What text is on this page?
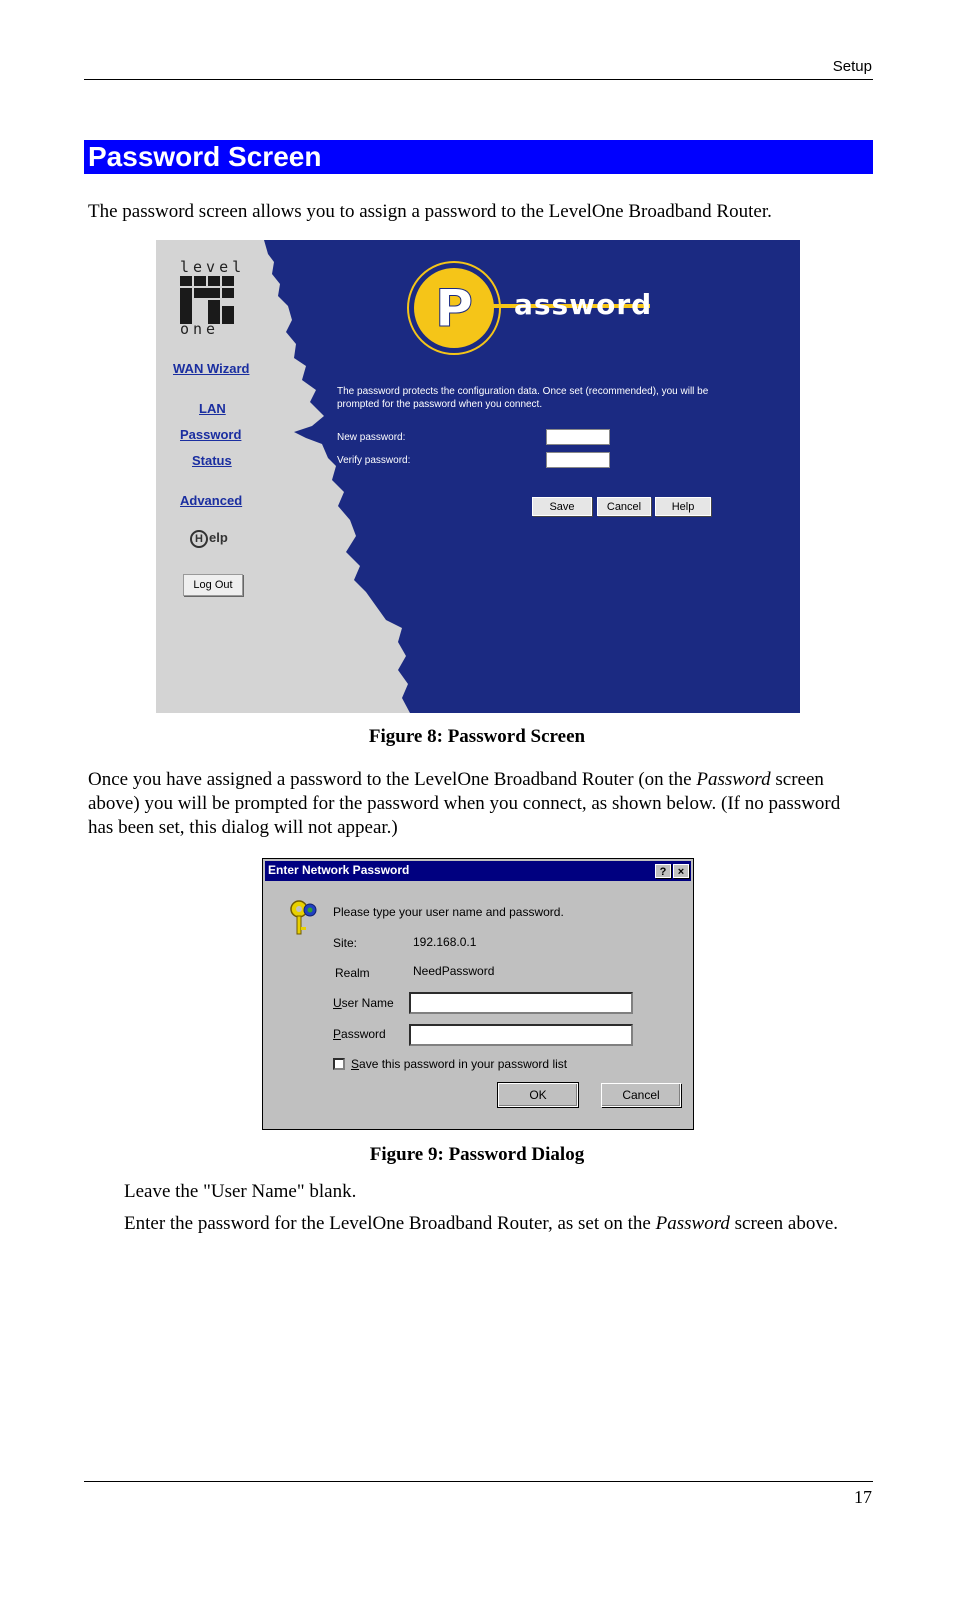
Setup
Password Screen
The password screen allows you to assign a password to the LevelOne Broadband Router.
level
one
WAN Wizard
LAN
Password
Status
Advanced
H elp
Log Out
P assword
The password protects the configuration data. Once set (recommended), you will be prompted for the password when you connect.
New password:
Verify password:
Save	Cancel	Help
Figure 8: Password Screen
Once you have assigned a password to the LevelOne Broadband Router (on the Password screen above) you will be prompted for the password when you connect, as shown below. (If no password has been set, this dialog will not appear.)
Enter Network Password	?	×
Please type your user name and password.
Site:	192.168.0.1
Realm	NeedPassword
User Name
Password
Save this password in your password list
OK	Cancel
Figure 9: Password Dialog
Leave the "User Name" blank.
Enter the password for the LevelOne Broadband Router, as set on the Password screen above.
17
